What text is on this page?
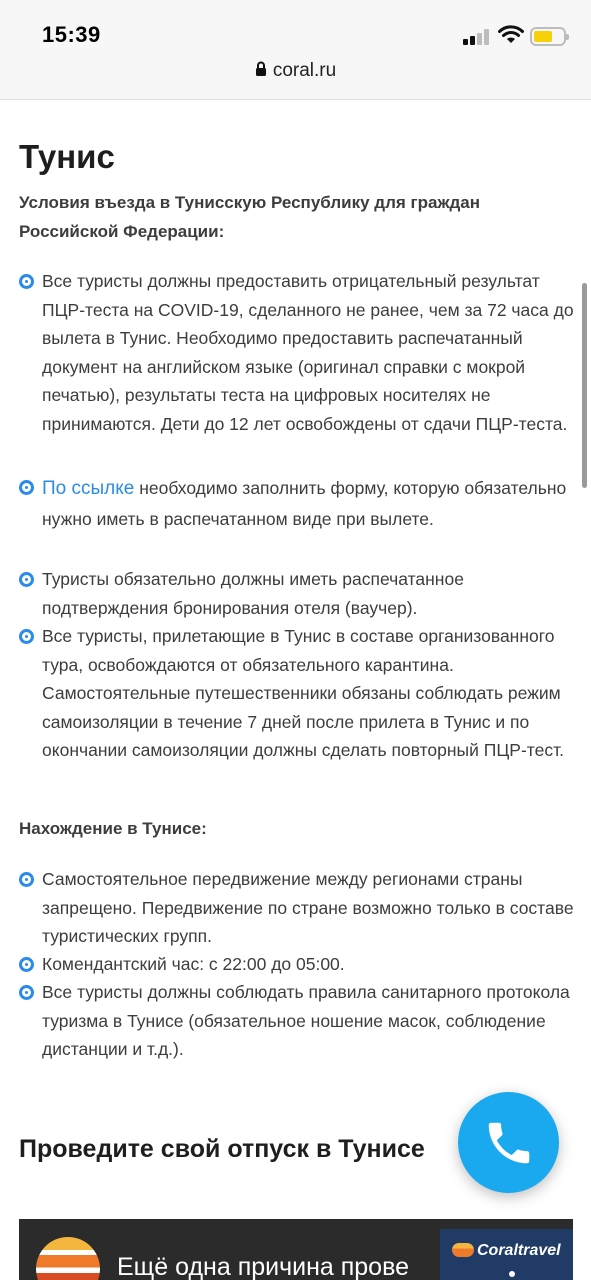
15:39
coral.ru
Тунис
Условия въезда в Тунисскую Республику для граждан Российской Федерации:
Все туристы должны предоставить отрицательный результат ПЦР-теста на COVID-19, сделанного не ранее, чем за 72 часа до вылета в Тунис. Необходимо предоставить распечатанный документ на английском языке (оригинал справки с мокрой печатью), результаты теста на цифровых носителях не принимаются. Дети до 12 лет освобождены от сдачи ПЦР-теста.
По ссылке необходимо заполнить форму, которую обязательно нужно иметь в распечатанном виде при вылете.
Туристы обязательно должны иметь распечатанное подтверждения бронирования отеля (ваучер).
Все туристы, прилетающие в Тунис в составе организованного тура, освобождаются от обязательного карантина. Самостоятельные путешественники обязаны соблюдать режим самоизоляции в течение 7 дней после прилета в Тунис и по окончании самоизоляции должны сделать повторный ПЦР-тест.
Нахождение в Тунисе:
Самостоятельное передвижение между регионами страны запрещено. Передвижение по стране возможно только в составе туристических групп.
Комендантский час: с 22:00 до 05:00.
Все туристы должны соблюдать правила санитарного протокола туризма в Тунисе (обязательное ношение масок, соблюдение дистанции и т.д.).
Проведите свой отпуск в Тунисе
Ещё одна причина прове
Coraltravel
